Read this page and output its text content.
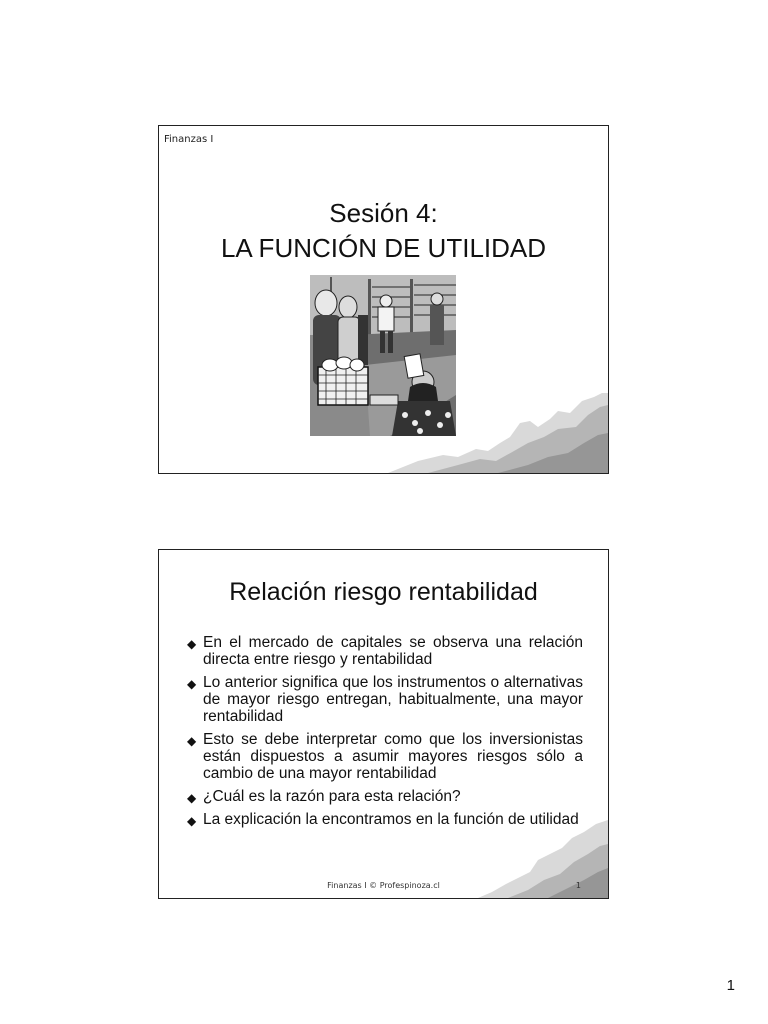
Finanzas I
Sesión 4:
LA FUNCIÓN DE UTILIDAD
Relación riesgo rentabilidad
◆ En el mercado de capitales se observa una relación directa entre riesgo y rentabilidad
◆ Lo anterior significa que los instrumentos o alternativas de mayor riesgo entregan, habitualmente, una mayor rentabilidad
◆ Esto se debe interpretar como que los inversionistas están dispuestos a asumir mayores riesgos sólo a cambio de una mayor rentabilidad
◆ ¿Cuál es la razón para esta relación?
◆ La explicación la encontramos en la función de utilidad
Finanzas I © Profespinoza.cl	1
1
